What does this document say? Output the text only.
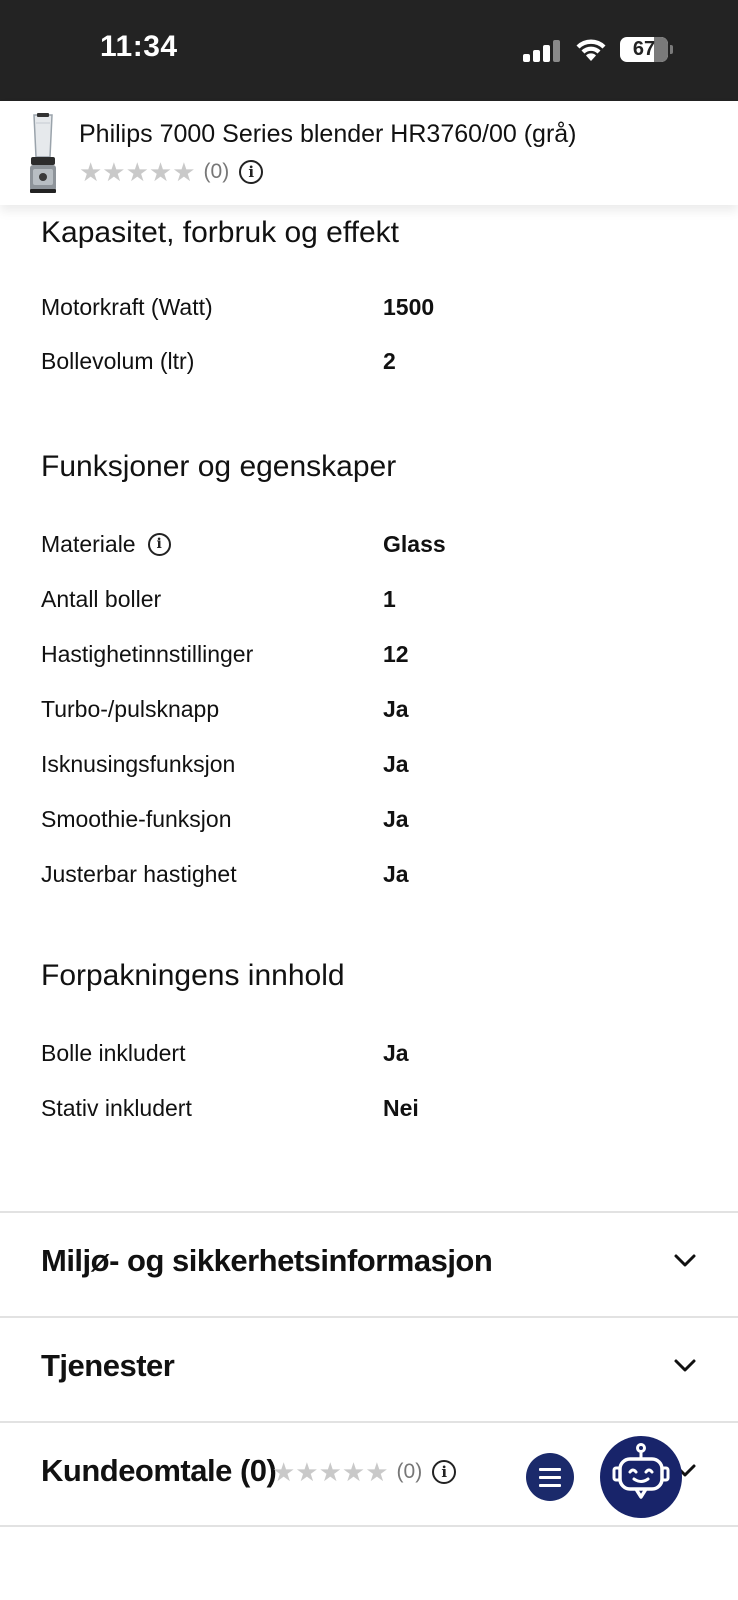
11:34	67
Philips 7000 Series blender HR3760/00 (grå)
★★★★★ (0)	i
Kapasitet, forbruk og effekt
Motorkraft (Watt)	1500
Bollevolum (ltr)	2
Funksjoner og egenskaper
Materiale	i	Glass
Antall boller	1
Hastighetinnstillinger	12
Turbo-/pulsknapp	Ja
Isknusingsfunksjon	Ja
Smoothie-funksjon	Ja
Justerbar hastighet	Ja
Forpakningens innhold
Bolle inkludert	Ja
Stativ inkludert	Nei
Miljø- og sikkerhetsinformasjon
Tjenester
Kundeomtale (0)
★★★★★ (0)	i
